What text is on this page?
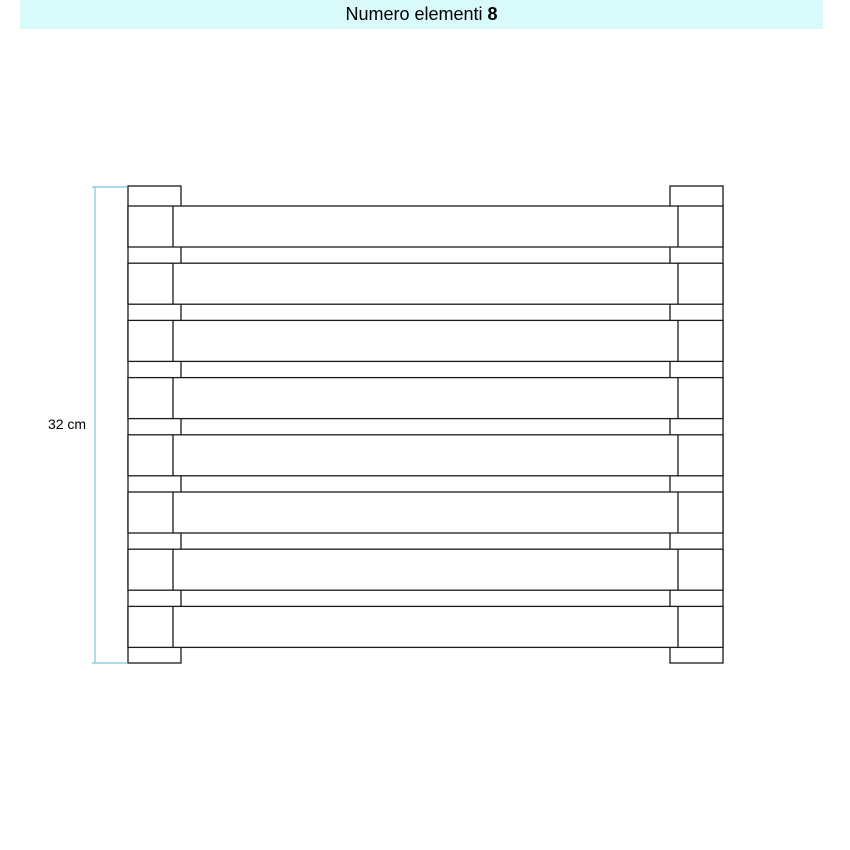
Numero elementi 8
32 cm
